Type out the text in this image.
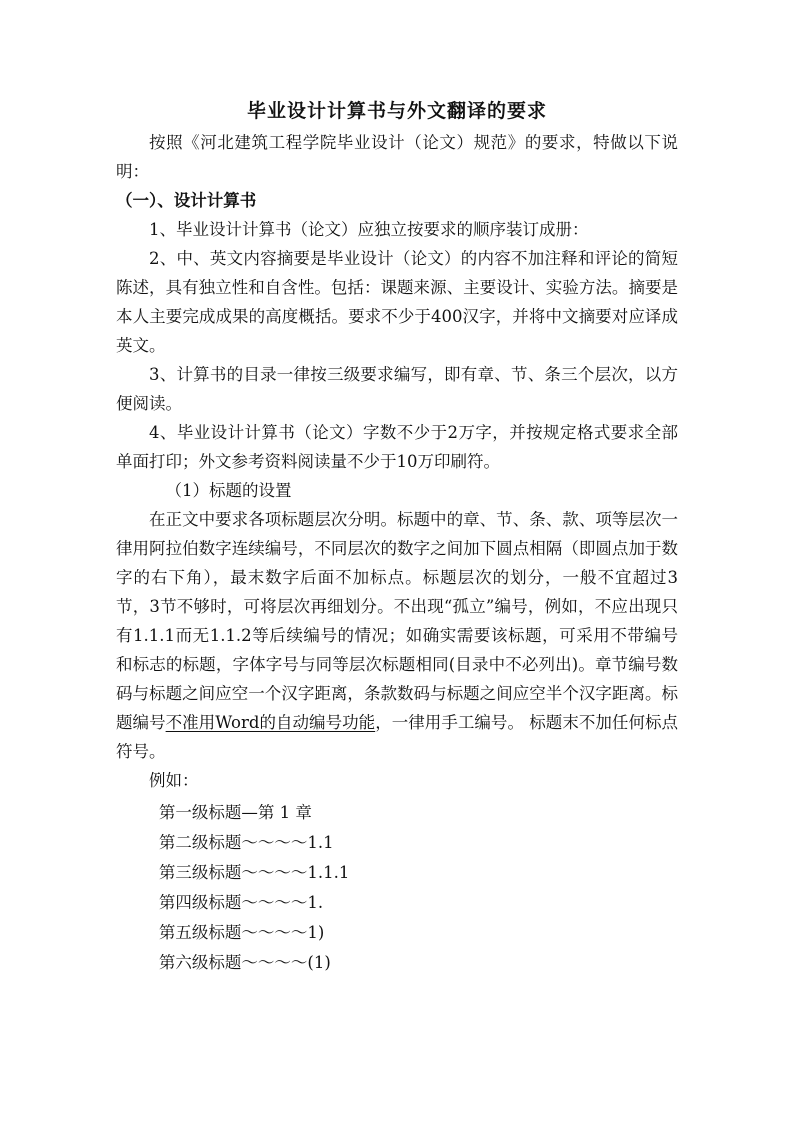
毕业设计计算书与外文翻译的要求

按照《河北建筑工程学院毕业设计（论文）规范》的要求，特做以下说明：

（一）、设计计算书

1、毕业设计计算书（论文）应独立按要求的顺序装订成册：

2、中、英文内容摘要是毕业设计（论文）的内容不加注释和评论的简短陈述，具有独立性和自含性。包括：课题来源、主要设计、实验方法。摘要是本人主要完成成果的高度概括。要求不少于400汉字，并将中文摘要对应译成英文。

3、计算书的目录一律按三级要求编写，即有章、节、条三个层次，以方便阅读。

4、毕业设计计算书（论文）字数不少于2万字，并按规定格式要求全部单面打印；外文参考资料阅读量不少于10万印刷符。

（1）标题的设置

在正文中要求各项标题层次分明。标题中的章、节、条、款、项等层次一律用阿拉伯数字连续编号，不同层次的数字之间加下圆点相隔（即圆点加于数字的右下角），最末数字后面不加标点。标题层次的划分，一般不宜超过3节，3节不够时，可将层次再细划分。不出现“孤立”编号，例如，不应出现只有1.1.1而无1.1.2等后续编号的情况；如确实需要该标题，可采用不带编号和标志的标题，字体字号与同等层次标题相同(目录中不必列出)。章节编号数码与标题之间应空一个汉字距离，条款数码与标题之间应空半个汉字距离。标题编号不准用Word的自动编号功能，一律用手工编号。 标题末不加任何标点符号。

例如：

第一级标题—第 1 章
第二级标题～～～～1.1
第三级标题～～～～1.1.1
第四级标题～～～～1.
第五级标题～～～～1)
第六级标题～～～～(1)
